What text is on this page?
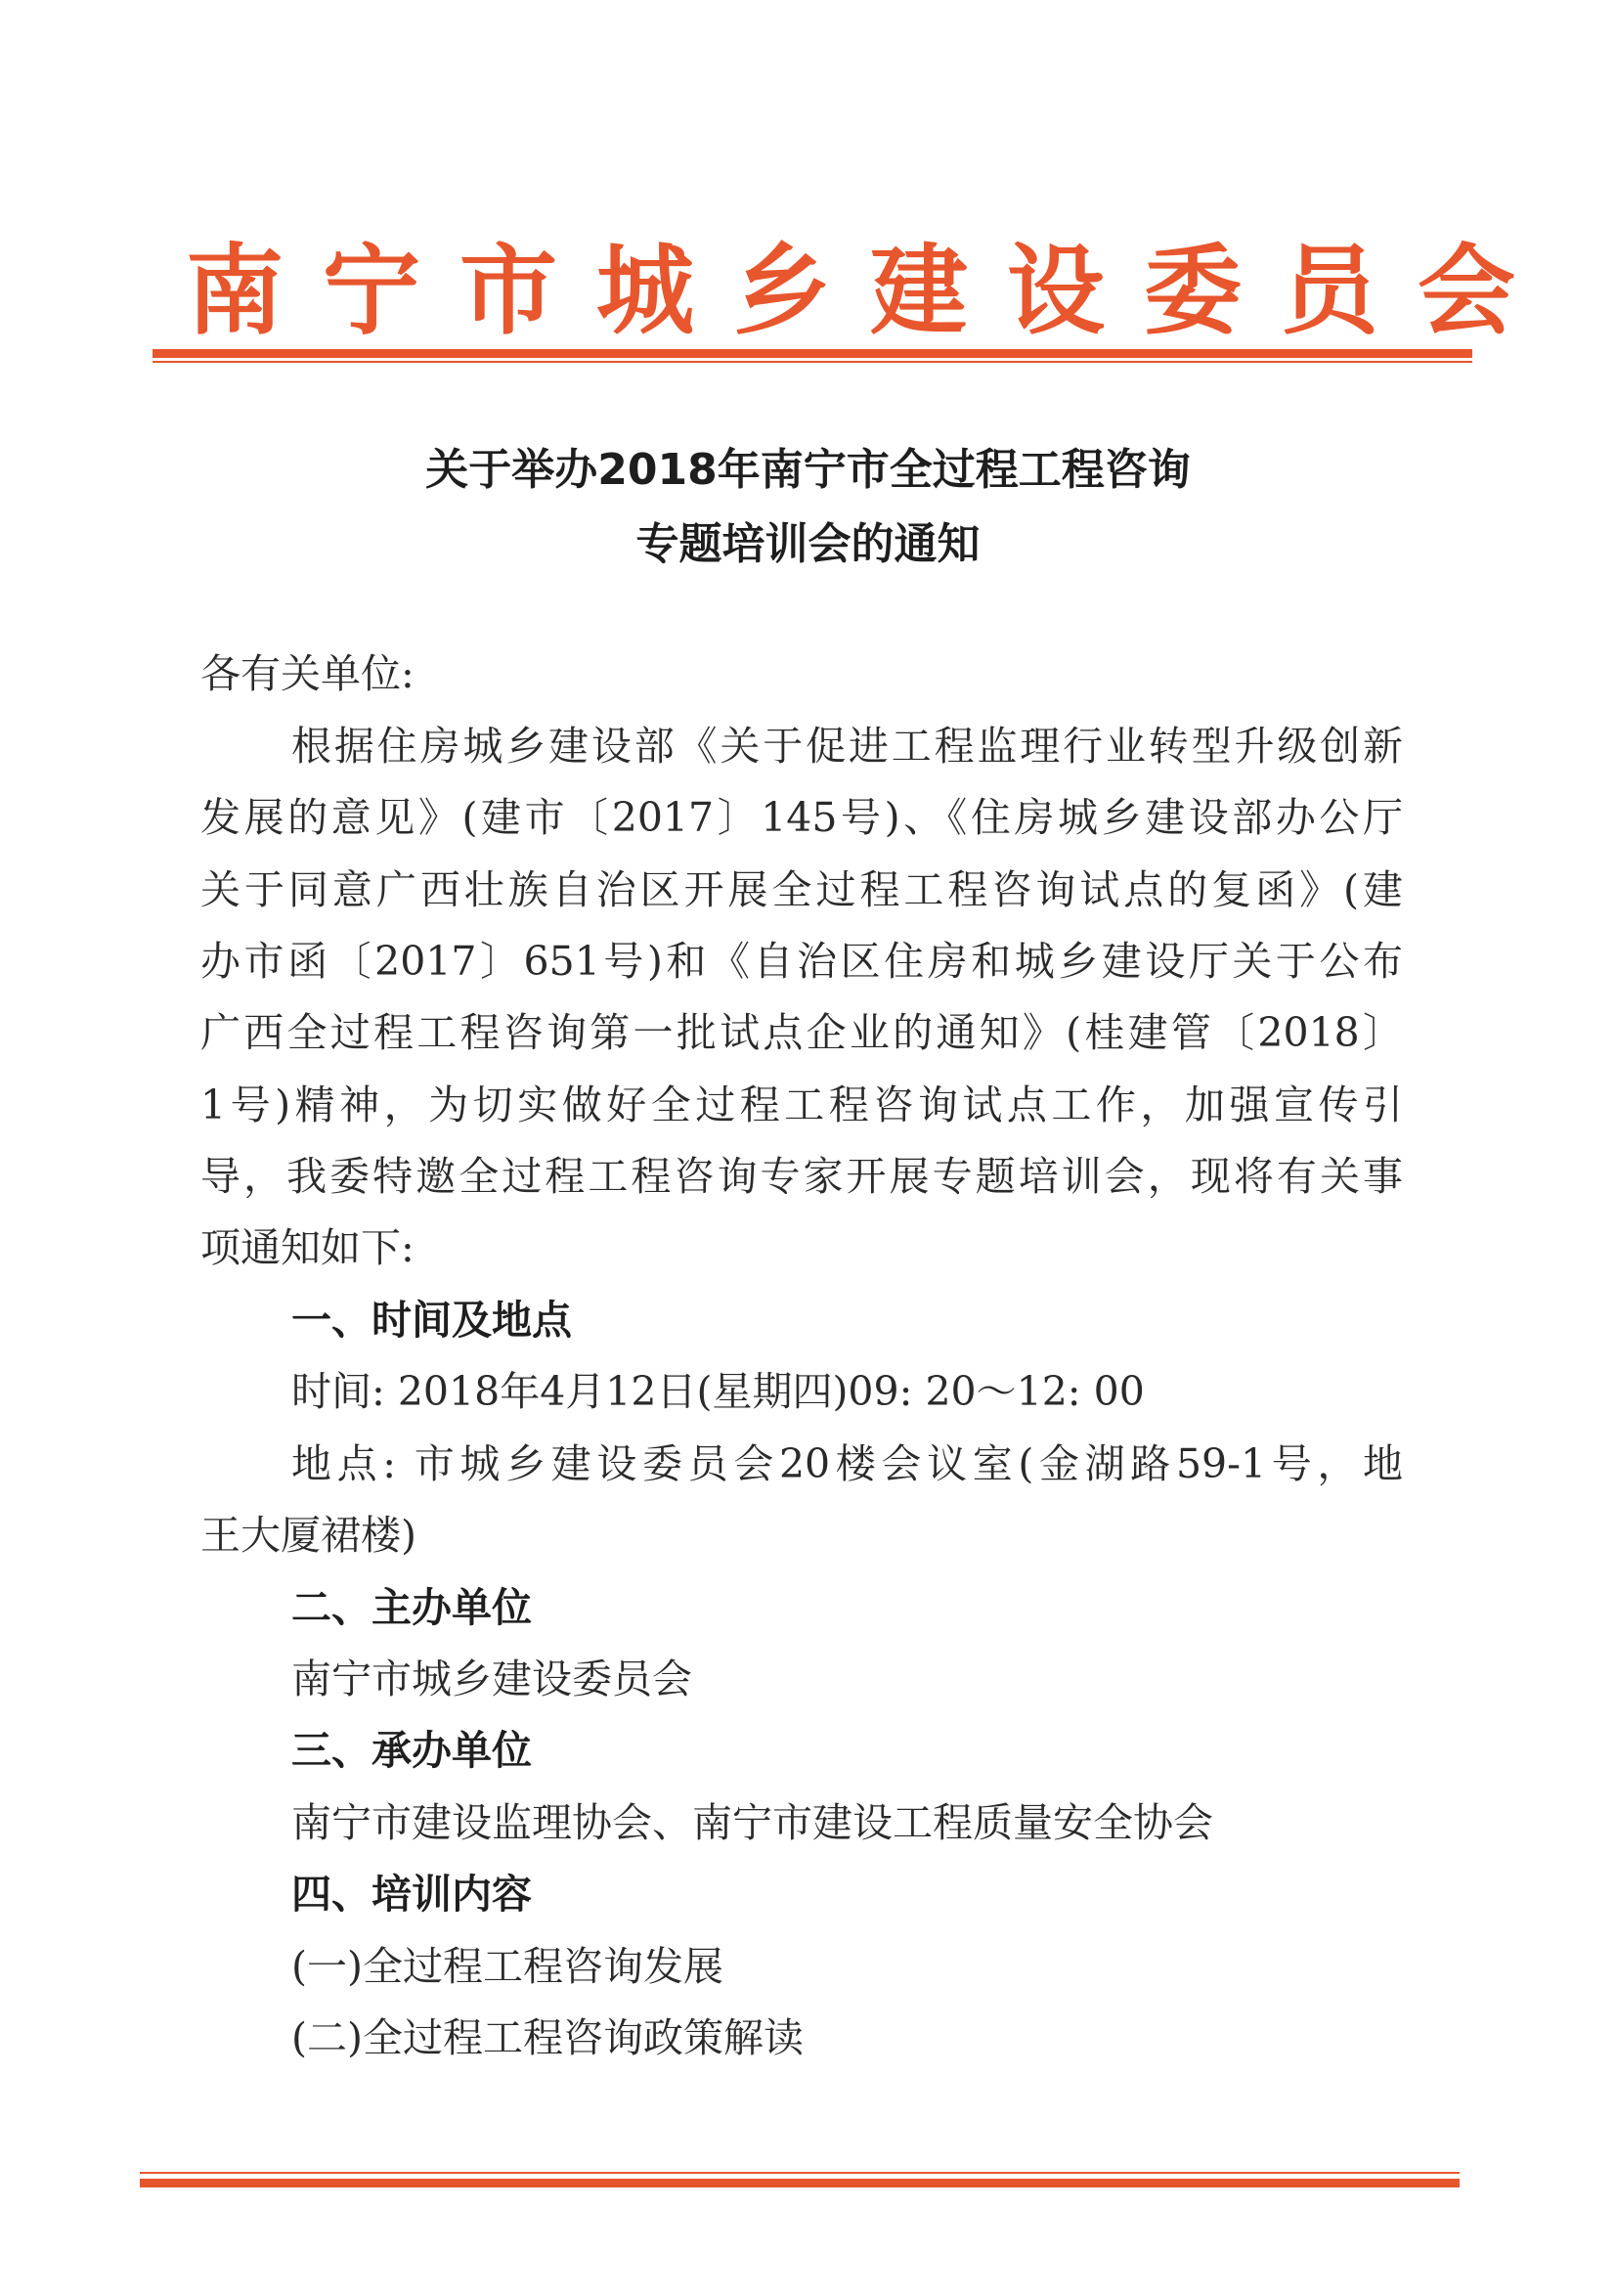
南宁市城乡建设委员会
关于举办2018年南宁市全过程工程咨询
专题培训会的通知
各有关单位:
根据住房城乡建设部《关于促进工程监理行业转型升级创新
发展的意见》(建市〔2017〕145号)、《住房城乡建设部办公厅
关于同意广西壮族自治区开展全过程工程咨询试点的复函》(建
办市函〔2017〕651号)和《自治区住房和城乡建设厅关于公布
广西全过程工程咨询第一批试点企业的通知》(桂建管〔2018〕
1号)精神，为切实做好全过程工程咨询试点工作，加强宣传引
导，我委特邀全过程工程咨询专家开展专题培训会，现将有关事
项通知如下:
一、时间及地点
时间: 2018年4月12日(星期四)09: 20～12: 00
地点: 市城乡建设委员会20楼会议室(金湖路59-1号，地
王大厦裙楼)
二、主办单位
南宁市城乡建设委员会
三、承办单位
南宁市建设监理协会、南宁市建设工程质量安全协会
四、培训内容
(一)全过程工程咨询发展
(二)全过程工程咨询政策解读
